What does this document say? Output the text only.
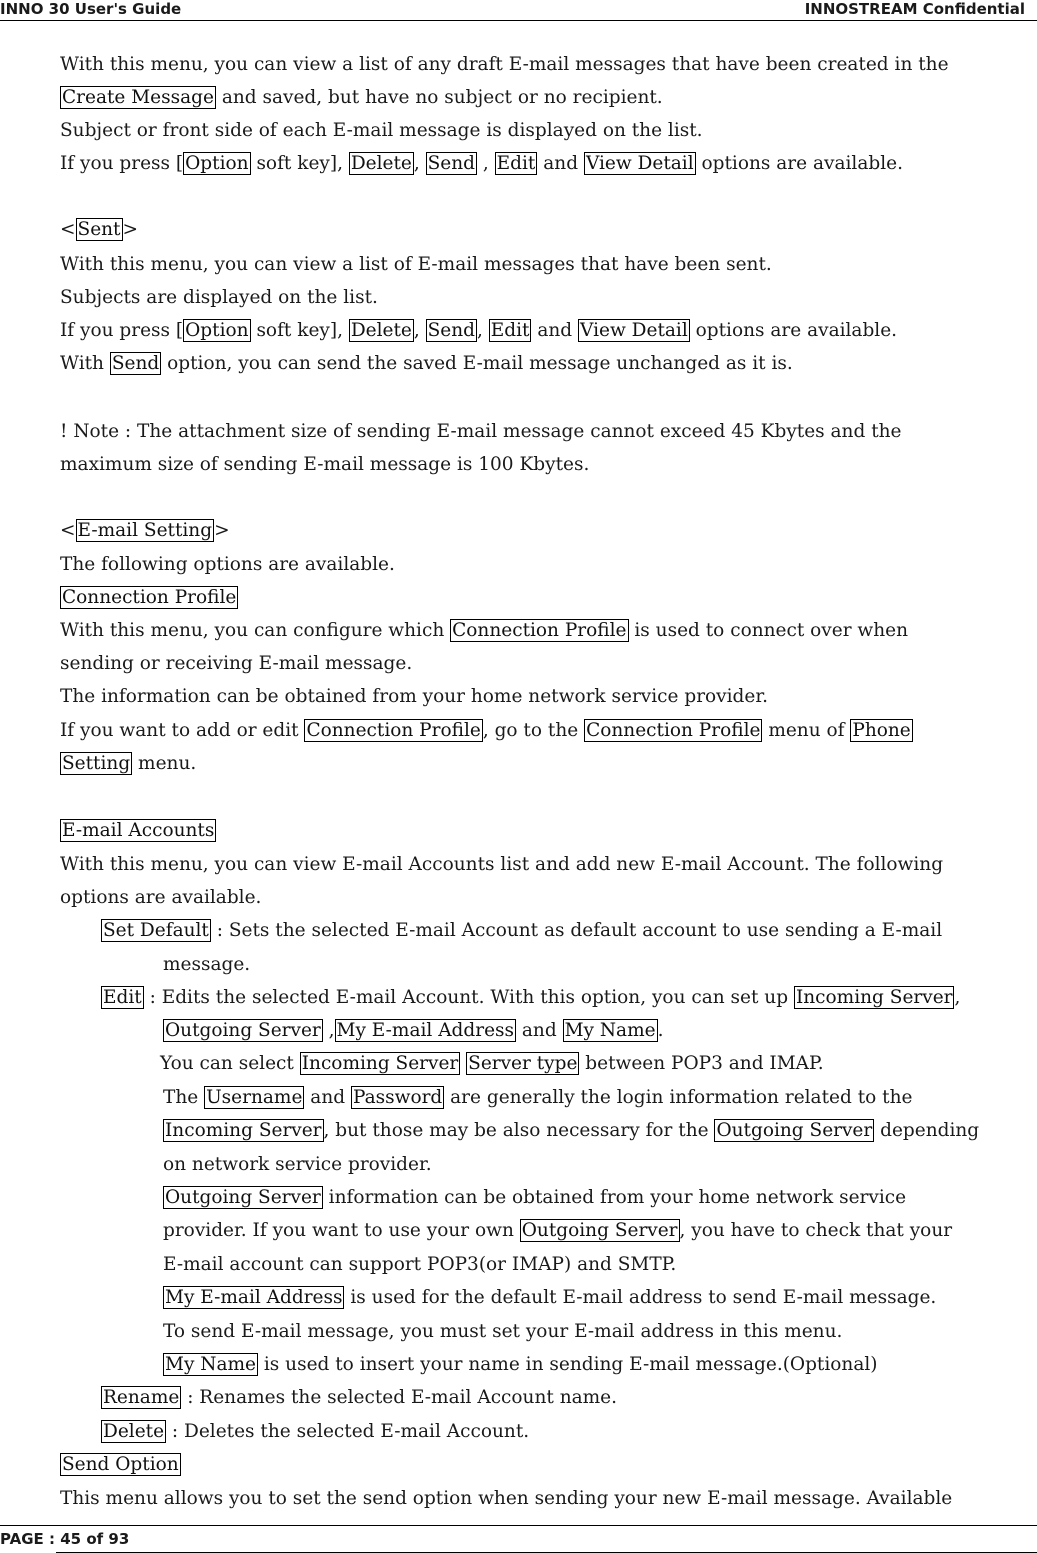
INNO 30 User's Guide	INNOSTREAM Confidential
With this menu, you can view a list of any draft E-mail messages that have been created in the
Create Message and saved, but have no subject or no recipient.
Subject or front side of each E-mail message is displayed on the list.
If you press [ Option soft key], Delete , Send , Edit and View Detail options are available.
< Sent >
With this menu, you can view a list of E-mail messages that have been sent.
Subjects are displayed on the list.
If you press [ Option soft key], Delete , Send , Edit and View Detail options are available.
With Send option, you can send the saved E-mail message unchanged as it is.
! Note : The attachment size of sending E-mail message cannot exceed 45 Kbytes and the
maximum size of sending E-mail message is 100 Kbytes.
< E-mail Setting >
The following options are available.
Connection Profile
With this menu, you can configure which Connection Profile is used to connect over when
sending or receiving E-mail message.
The information can be obtained from your home network service provider.
If you want to add or edit Connection Profile , go to the Connection Profile menu of Phone
Setting menu.
E-mail Accounts
With this menu, you can view E-mail Accounts list and add new E-mail Account. The following
options are available.
Set Default : Sets the selected E-mail Account as default account to use sending a E-mail
message.
Edit : Edits the selected E-mail Account. With this option, you can set up Incoming Server ,
Outgoing Server , My E-mail Address and My Name .
You can select Incoming Server Server type between POP3 and IMAP.
The Username and Password are generally the login information related to the
Incoming Server , but those may be also necessary for the Outgoing Server depending
on network service provider.
Outgoing Server information can be obtained from your home network service
provider. If you want to use your own Outgoing Server , you have to check that your
E-mail account can support POP3(or IMAP) and SMTP.
My E-mail Address is used for the default E-mail address to send E-mail message.
To send E-mail message, you must set your E-mail address in this menu.
My Name is used to insert your name in sending E-mail message.(Optional)
Rename : Renames the selected E-mail Account name.
Delete : Deletes the selected E-mail Account.
Send Option
This menu allows you to set the send option when sending your new E-mail message. Available
PAGE : 45 of 93
